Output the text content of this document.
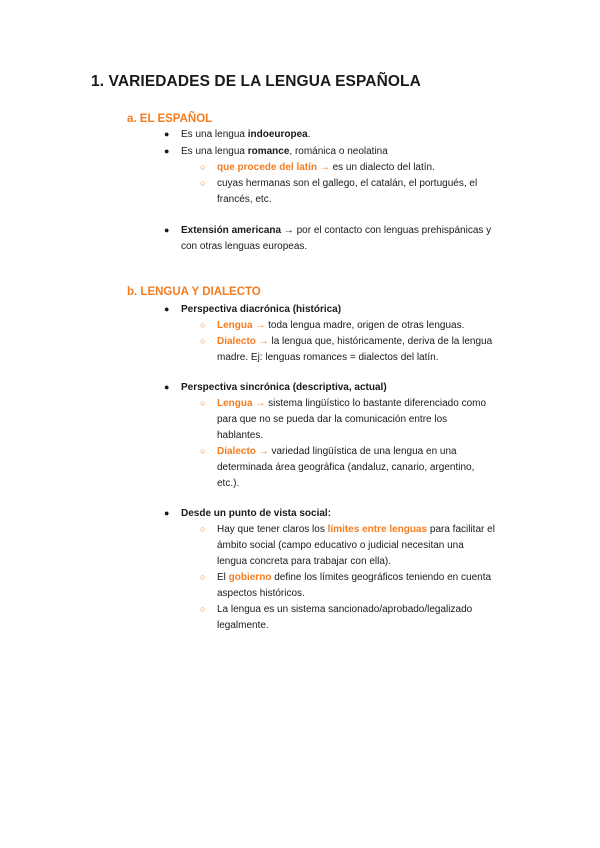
1. VARIEDADES DE LA LENGUA ESPAÑOLA
a. EL ESPAÑOL
● Es una lengua indoeuropea.
● Es una lengua romance, románica o neolatina
○ que procede del latín → es un dialecto del latín.
○ cuyas hermanas son el gallego, el catalán, el portugués, el
francés, etc.
● Extensión americana → por el contacto con lenguas prehispánicas y
con otras lenguas europeas.
b. LENGUA Y DIALECTO
● Perspectiva diacrónica (histórica)
○ Lengua → toda lengua madre, origen de otras lenguas.
○ Dialecto → la lengua que, históricamente, deriva de la lengua
madre. Ej: lenguas romances = dialectos del latín.
● Perspectiva sincrónica (descriptiva, actual)
○ Lengua → sistema lingüístico lo bastante diferenciado como
para que no se pueda dar la comunicación entre los
hablantes.
○ Dialecto → variedad lingüística de una lengua en una
determinada área geográfica (andaluz, canario, argentino,
etc.).
● Desde un punto de vista social:
○ Hay que tener claros los límites entre lenguas para facilitar el
ámbito social (campo educativo o judicial necesitan una
lengua concreta para trabajar con ella).
○ El gobierno define los límites geográficos teniendo en cuenta
aspectos históricos.
○ La lengua es un sistema sancionado/aprobado/legalizado
legalmente.
